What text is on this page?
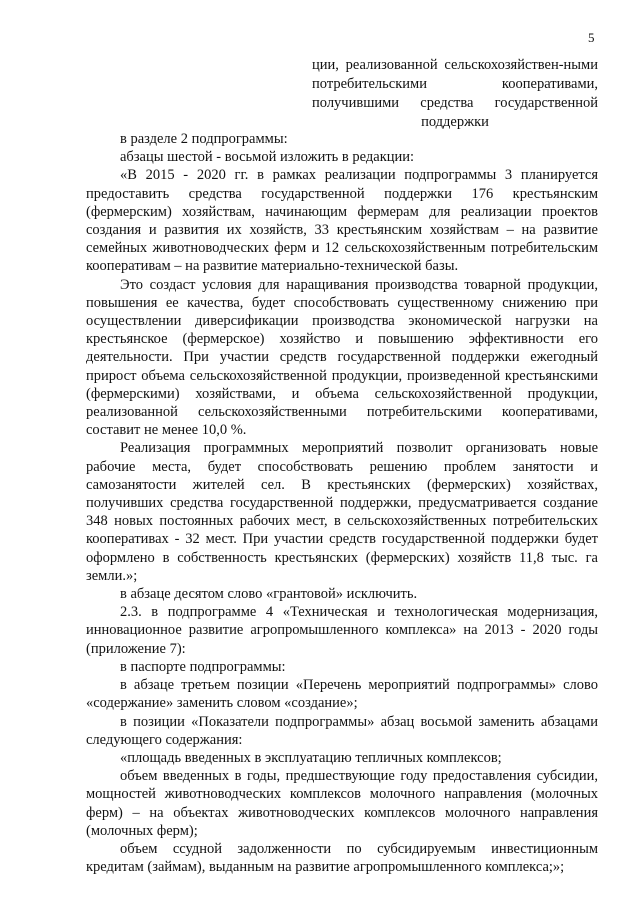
5
ции, реализованной сельскохозяйствен-ными потребительскими кооперативами, получившими средства государственной поддержки

в разделе 2 подпрограммы:

абзацы шестой - восьмой изложить в редакции:

«В 2015 - 2020 гг. в рамках реализации подпрограммы 3 планируется предоставить средства государственной поддержки 176 крестьянским (фермерским) хозяйствам, начинающим фермерам для реализации проектов создания и развития их хозяйств, 33 крестьянским хозяйствам – на развитие семейных животноводческих ферм и 12 сельскохозяйственным потребительским кооперативам – на развитие материально-технической базы.

Это создаст условия для наращивания производства товарной продукции, повышения ее качества, будет способствовать существенному снижению при осуществлении диверсификации производства экономической нагрузки на крестьянское (фермерское) хозяйство и повышению эффективности его деятельности. При участии средств государственной поддержки ежегодный прирост объема сельскохозяйственной продукции, произведенной крестьянскими (фермерскими) хозяйствами, и объема сельскохозяйственной продукции, реализованной сельскохозяйственными потребительскими кооперативами, составит не менее 10,0 %.

Реализация программных мероприятий позволит организовать новые рабочие места, будет способствовать решению проблем занятости и самозанятости жителей сел. В крестьянских (фермерских) хозяйствах, получивших средства государственной поддержки, предусматривается создание 348 новых постоянных рабочих мест, в сельскохозяйственных потребительских кооперативах - 32 мест. При участии средств государственной поддержки будет оформлено в собственность крестьянских (фермерских) хозяйств 11,8 тыс. га земли.»;

в абзаце десятом слово «грантовой» исключить.

2.3. в подпрограмме 4 «Техническая и технологическая модернизация, инновационное развитие агропромышленного комплекса» на 2013 - 2020 годы (приложение 7):

в паспорте подпрограммы:

в абзаце третьем позиции «Перечень мероприятий подпрограммы» слово «содержание» заменить словом «создание»;

в позиции «Показатели подпрограммы» абзац восьмой заменить абзацами следующего содержания:

«площадь введенных в эксплуатацию тепличных комплексов;

объем введенных в годы, предшествующие году предоставления субсидии, мощностей животноводческих комплексов молочного направления (молочных ферм) – на объектах животноводческих комплексов молочного направления (молочных ферм);

объем ссудной задолженности по субсидируемым инвестиционным кредитам (займам), выданным на развитие агропромышленного комплекса;»;
